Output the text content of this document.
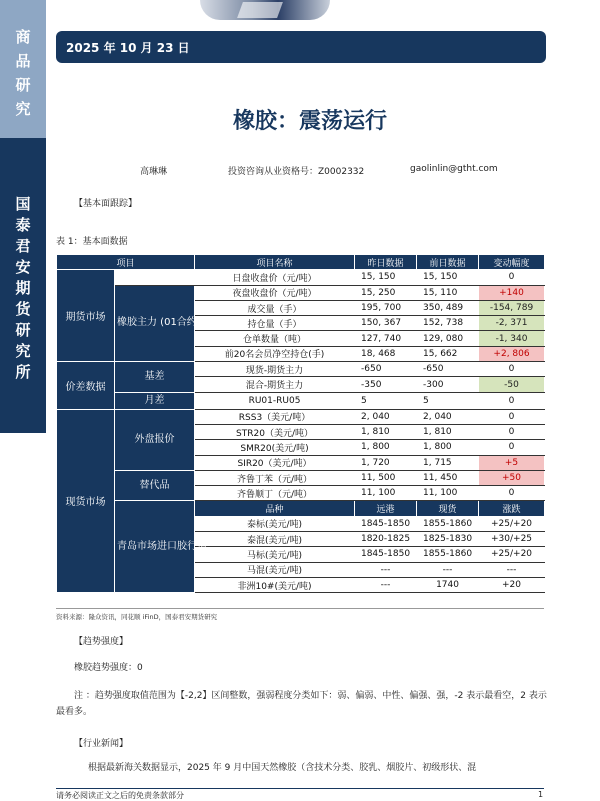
商品研究
国泰君安期货研究所
2025 年 10 月 23 日
橡胶：震荡运行
高琳琳	投资咨询从业资格号：Z0002332	gaolinlin@gtht.com
【基本面跟踪】
表 1：基本面数据
项目		项目名称	昨日数据	前日数据	变动幅度
期货市场		日盘收盘价（元/吨）	15, 150	15, 150	0
	橡胶主力 (01合约)	夜盘收盘价（元/吨）	15, 250	15, 110	+140
		成交量（手）	195, 700	350, 489	-154, 789
		持仓量（手）	150, 367	152, 738	-2, 371
		仓单数量（吨）	127, 740	129, 080	-1, 340
		前20名会员净空持仓(手)	18, 468	15, 662	+2, 806
价差数据	基差	现货-期货主力	-650	-650	0
		混合-期货主力	-350	-300	-50
	月差	RU01-RU05	5	5	0
现货市场	外盘报价	RSS3（美元/吨）	2, 040	2, 040	0
		STR20（美元/吨）	1, 810	1, 810	0
		SMR20(美元/吨)	1, 800	1, 800	0
		SIR20（美元/吨）	1, 720	1, 715	+5
	替代品	齐鲁丁苯（元/吨）	11, 500	11, 450	+50
		齐鲁顺丁（元/吨）	11, 100	11, 100	0
	青岛市场进口胶行情	品种	远港	现货	涨跌
		泰标(美元/吨)	1845-1850	1855-1860	+25/+20
		泰混(美元/吨)	1820-1825	1825-1830	+30/+25
		马标(美元/吨)	1845-1850	1855-1860	+25/+20
		马混(美元/吨)	---	---	---
		非洲10#(美元/吨)	---	1740	+20
资料来源：隆众资讯，同花顺 iFinD，国泰君安期货研究
【趋势强度】
橡胶趋势强度：0
注 ：趋势强度取值范围为【-2,2】区间整数，强弱程度分类如下：弱、偏弱、中性、偏强、强，-2 表示最看空，2 表示最看多。
【行业新闻】
根据最新海关数据显示，2025 年 9 月中国天然橡胶（含技术分类、胶乳、烟胶片、初级形状、混
请务必阅读正文之后的免责条款部分	1
